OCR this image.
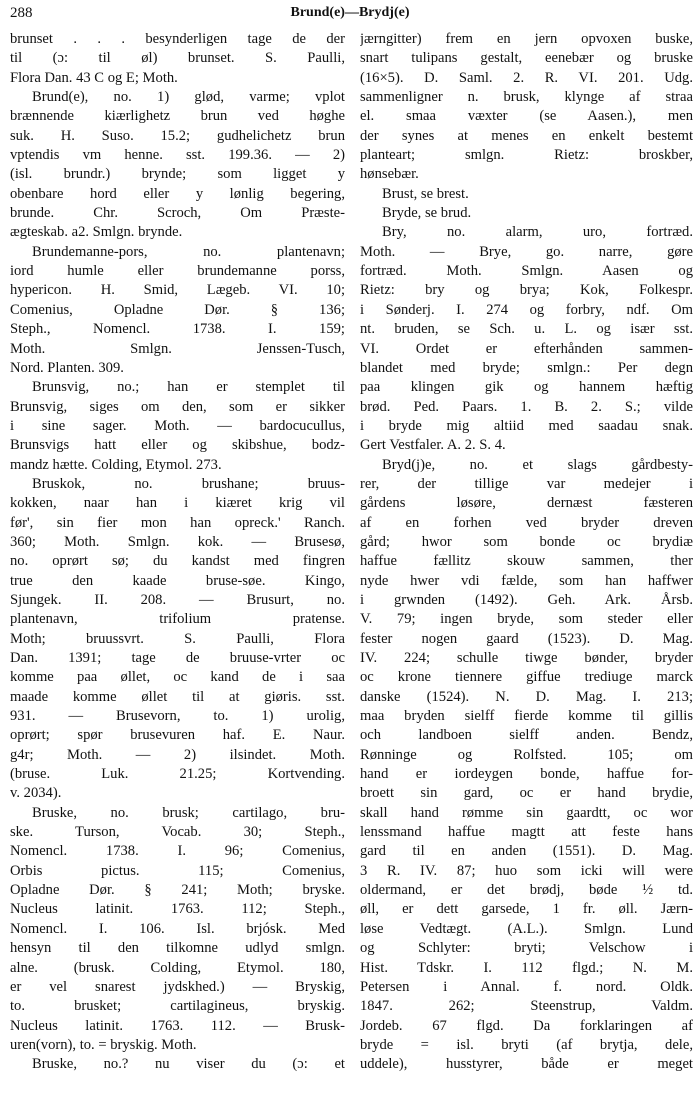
288	Brund(e)—Brydj(e)
brunset . . . besynderligen tage de der
til (ɔ: til øl) brunset. S. Paulli,
Flora Dan. 43 C og E; Moth.
Brund(e), no. 1) glød, varme; vplot
brænnende kiærlighetz brun ved høghe
suk. H. Suso. 15.2; gudhelichetz brun
vptendis vm henne. sst. 199.36. — 2)
(isl. brundr.) brynde; som ligget y
obenbare hord eller y lønlig begering,
brunde. Chr. Scroch, Om Præste-
ægteskab. a2. Smlgn. brynde.
Brundemanne-pors, no. plantenavn;
iord humle eller brundemanne porss,
hypericon. H. Smid, Lægeb. VI. 10;
Comenius, Opladne Dør. § 136;
Steph., Nomencl. 1738. I. 159;
Moth. Smlgn. Jenssen-Tusch,
Nord. Planten. 309.
Brunsvig, no.; han er stemplet til
Brunsvig, siges om den, som er sikker
i sine sager. Moth. — bardocucullus,
Brunsvigs hatt eller og skibshue, bodz-
mandz hætte. Colding, Etymol. 273.
Bruskok, no. brushane; bruus-
kokken, naar han i kiæret krig vil
før', sin fier mon han opreck.' Ranch.
360; Moth. Smlgn. kok. — Brusesø,
no. oprørt sø; du kandst med fingren
true den kaade bruse-søe. Kingo,
Sjungek. II. 208. — Brusurt, no.
plantenavn, trifolium pratense.
Moth; bruussvrt. S. Paulli, Flora
Dan. 1391; tage de bruuse-vrter oc
komme paa øllet, oc kand de i saa
maade komme øllet til at giøris. sst.
931. — Brusevorn, to. 1) urolig,
oprørt; spør brusevuren haf. E. Naur.
g4r; Moth. — 2) ilsindet. Moth.
(bruse. Luk. 21.25; Kortvending.
v. 2034).
Bruske, no. brusk; cartilago, bru-
ske. Turson, Vocab. 30; Steph.,
Nomencl. 1738. I. 96; Comenius,
Orbis pictus. 115; Comenius,
Opladne Dør. § 241; Moth; bryske.
Nucleus latinit. 1763. 112; Steph.,
Nomencl. I. 106. Isl. brjósk. Med
hensyn til den tilkomne udlyd smlgn.
alne. (brusk. Colding, Etymol. 180,
er vel snarest jydskhed.) — Bryskig,
to. brusket; cartilagineus, bryskig.
Nucleus latinit. 1763. 112. — Brusk-
uren(vorn), to. = bryskig. Moth.
Bruske, no.? nu viser du (ɔ: et
jærngitter) frem en jern opvoxen buske,
snart tulipans gestalt, eenebær og bruske
(16×5). D. Saml. 2. R. VI. 201. Udg.
sammenligner n. brusk, klynge af straa
el. smaa væxter (se Aasen.), men
der synes at menes en enkelt bestemt
planteart; smlgn. Rietz: broskber,
hønsebær.
Brust, se brest.
Bryde, se brud.
Bry, no. alarm, uro, fortræd.
Moth. — Brye, go. narre, gøre
fortræd. Moth. Smlgn. Aasen og
Rietz: bry og brya; Kok, Folkespr.
i Sønderj. I. 274 og forbry, ndf. Om
nt. bruden, se Sch. u. L. og især sst.
VI. Ordet er efterhånden sammen-
blandet med bryde; smlgn.: Per degn
paa klingen gik og hannem hæftig
brød. Ped. Paars. 1. B. 2. S.; vilde
i bryde mig altiid med saadau snak.
Gert Vestfaler. A. 2. S. 4.
Bryd(j)e, no. et slags gårdbesty-
rer, der tillige var medejer i
gårdens løsøre, dernæst fæsteren
af en forhen ved bryder dreven
gård; hwor som bonde oc brydiæ
haffue fællitz skouw sammen, ther
nyde hwer vdi fælde, som han haffwer
i grwnden (1492). Geh. Ark. Årsb.
V. 79; ingen bryde, som steder eller
fester nogen gaard (1523). D. Mag.
IV. 224; schulle tiwge bønder, bryder
oc krone tiennere giffue trediuge marck
danske (1524). N. D. Mag. I. 213;
maa bryden sielff fierde komme til gillis
och landboen sielff anden. Bendz,
Rønninge og Rolfsted. 105; om
hand er iordeygen bonde, haffue for-
broett sin gard, oc er hand brydie,
skall hand rømme sin gaardtt, oc wor
lenssmand haffue magtt att feste hans
gard til en anden (1551). D. Mag.
3 R. IV. 87; huo som icki will were
oldermand, er det brødj, bøde ½ td.
øll, er dett garsede, 1 fr. øll. Jærn-
løse Vedtægt. (A.L.). Smlgn. Lund
og Schlyter: bryti; Velschow i
Hist. Tdskr. I. 112 flgd.; N. M.
Petersen i Annal. f. nord. Oldk.
1847. 262; Steenstrup, Valdm.
Jordeb. 67 flgd. Da forklaringen af
bryde = isl. bryti (af brytja, dele,
uddele), husstyrer, både er meget
